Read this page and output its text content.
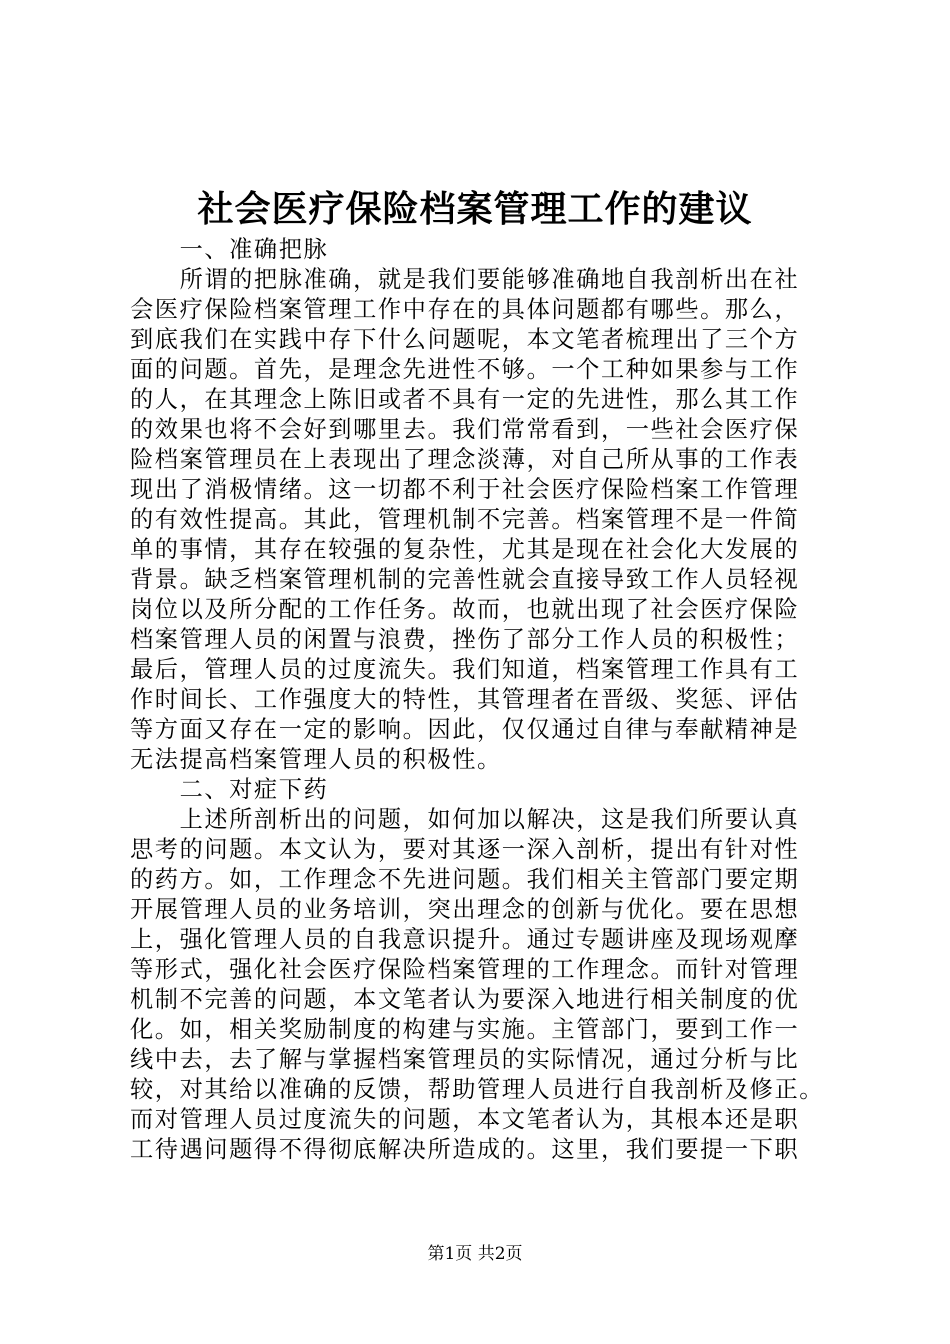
社会医疗保险档案管理工作的建议
　　一、准确把脉
　　所谓的把脉准确，就是我们要能够准确地自我剖析出在社
会医疗保险档案管理工作中存在的具体问题都有哪些。那么，
到底我们在实践中存下什么问题呢，本文笔者梳理出了三个方
面的问题。首先，是理念先进性不够。一个工种如果参与工作
的人，在其理念上陈旧或者不具有一定的先进性，那么其工作
的效果也将不会好到哪里去。我们常常看到，一些社会医疗保
险档案管理员在上表现出了理念淡薄，对自己所从事的工作表
现出了消极情绪。这一切都不利于社会医疗保险档案工作管理
的有效性提高。其此，管理机制不完善。档案管理不是一件简
单的事情，其存在较强的复杂性，尤其是现在社会化大发展的
背景。缺乏档案管理机制的完善性就会直接导致工作人员轻视
岗位以及所分配的工作任务。故而，也就出现了社会医疗保险
档案管理人员的闲置与浪费，挫伤了部分工作人员的积极性；
最后，管理人员的过度流失。我们知道，档案管理工作具有工
作时间长、工作强度大的特性，其管理者在晋级、奖惩、评估
等方面又存在一定的影响。因此，仅仅通过自律与奉献精神是
无法提高档案管理人员的积极性。
　　二、对症下药
　　上述所剖析出的问题，如何加以解决，这是我们所要认真
思考的问题。本文认为，要对其逐一深入剖析，提出有针对性
的药方。如，工作理念不先进问题。我们相关主管部门要定期
开展管理人员的业务培训，突出理念的创新与优化。要在思想
上，强化管理人员的自我意识提升。通过专题讲座及现场观摩
等形式，强化社会医疗保险档案管理的工作理念。而针对管理
机制不完善的问题，本文笔者认为要深入地进行相关制度的优
化。如，相关奖励制度的构建与实施。主管部门，要到工作一
线中去，去了解与掌握档案管理员的实际情况，通过分析与比
较，对其给以准确的反馈，帮助管理人员进行自我剖析及修正。
而对管理人员过度流失的问题，本文笔者认为，其根本还是职
工待遇问题得不得彻底解决所造成的。这里，我们要提一下职
第1页 共2页
